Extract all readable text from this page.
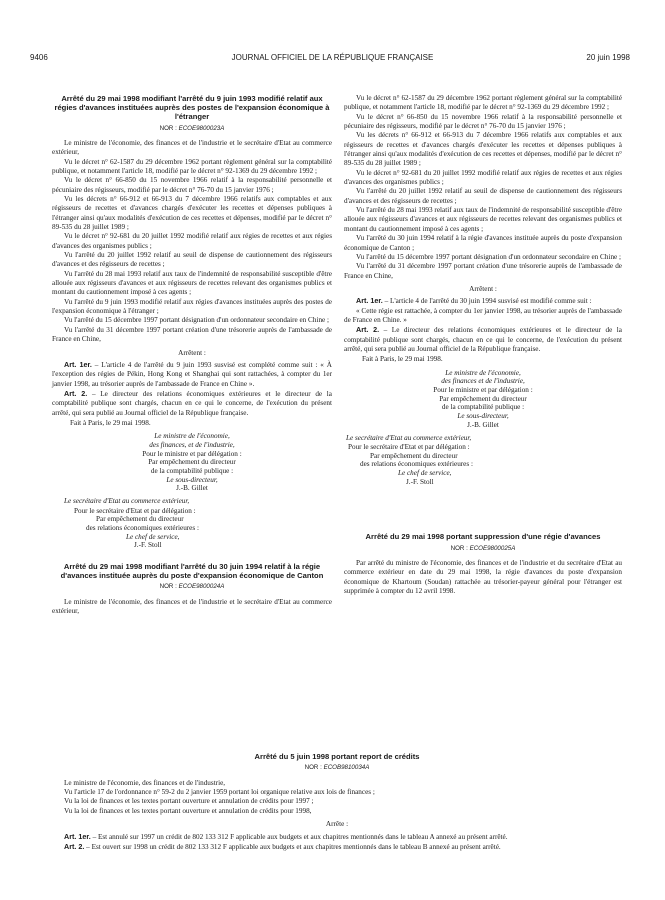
9406	JOURNAL OFFICIEL DE LA RÉPUBLIQUE FRANÇAISE	20 juin 1998
Arrêté du 29 mai 1998 modifiant l'arrêté du 9 juin 1993 modifié relatif aux régies d'avances instituées auprès des postes de l'expansion économique à l'étranger
NOR : ECOE9800023A

Le ministre de l'économie, des finances et de l'industrie et le secrétaire d'Etat au commerce extérieur,

Vu le décret n° 62-1587 du 29 décembre 1962 portant règlement général sur la comptabilité publique, et notamment l'article 18, modifié par le décret n° 92-1369 du 29 décembre 1992 ;

Vu le décret n° 66-850 du 15 novembre 1966 relatif à la responsabilité personnelle et pécuniaire des régisseurs, modifié par le décret n° 76-70 du 15 janvier 1976 ;

Vu les décrets n° 66-912 et 66-913 du 7 décembre 1966 relatifs aux comptables et aux régisseurs de recettes et d'avances chargés d'exécuter les recettes et dépenses publiques à l'étranger ainsi qu'aux modalités d'exécution de ces recettes et dépenses, modifié par le décret n° 89-535 du 28 juillet 1989 ;

Vu le décret n° 92-681 du 20 juillet 1992 modifié relatif aux régies de recettes et aux régies d'avances des organismes publics ;

Vu l'arrêté du 20 juillet 1992 relatif au seuil de dispense de cautionnement des régisseurs d'avances et des régisseurs de recettes ;

Vu l'arrêté du 28 mai 1993 relatif aux taux de l'indemnité de responsabilité susceptible d'être allouée aux régisseurs d'avances et aux régisseurs de recettes relevant des organismes publics et montant du cautionnement imposé à ces agents ;

Vu l'arrêté du 9 juin 1993 modifié relatif aux régies d'avances instituées auprès des postes de l'expansion économique à l'étranger ;

Vu l'arrêté du 15 décembre 1997 portant désignation d'un ordonnateur secondaire en Chine ;

Vu l'arrêté du 31 décembre 1997 portant création d'une trésorerie auprès de l'ambassade de France en Chine,

Arrêtent :

Art. 1er. – L'article 4 de l'arrêté du 9 juin 1993 susvisé est complété comme suit : « À l'exception des régies de Pékin, Hong Kong et Shanghai qui sont rattachées, à compter du 1er janvier 1998, au trésorier auprès de l'ambassade de France en Chine ».

Art. 2. – Le directeur des relations économiques extérieures et le directeur de la comptabilité publique sont chargés, chacun en ce qui le concerne, de l'exécution du présent arrêté, qui sera publié au Journal officiel de la République française.

Fait à Paris, le 29 mai 1998.

Le ministre de l'économie,
des finances, et de l'industrie,
Pour le ministre et par délégation :
Par empêchement du directeur
de la comptabilité publique :
Le sous-directeur,
J.-B. Gillet

Le secrétaire d'Etat au commerce extérieur,

Pour le secrétaire d'Etat et par délégation :
Par empêchement du directeur
des relations économiques extérieures :
Le chef de service,
J.-F. Stoll
Arrêté du 29 mai 1998 modifiant l'arrêté du 30 juin 1994 relatif à la régie d'avances instituée auprès du poste d'expansion économique de Canton
NOR : ECOE9800024A

Le ministre de l'économie, des finances et de l'industrie et le secrétaire d'Etat au commerce extérieur,

Vu le décret n° 62-1587 du 29 décembre 1962 portant règlement général sur la comptabilité publique, et notamment l'article 18, modifié par le décret n° 92-1369 du 29 décembre 1992 ;

Vu le décret n° 66-850 du 15 novembre 1966 relatif à la responsabilité personnelle et pécuniaire des régisseurs, modifié par le décret n° 76-70 du 15 janvier 1976 ;

Vu les décrets n° 66-912 et 66-913 du 7 décembre 1966 relatifs aux comptables et aux régisseurs de recettes et d'avances chargés d'exécuter les recettes et dépenses publiques à l'étranger ainsi qu'aux modalités d'exécution de ces recettes et dépenses, modifié par le décret n° 89-535 du 28 juillet 1989 ;

Vu le décret n° 92-681 du 20 juillet 1992 modifié relatif aux régies de recettes et aux régies d'avances des organismes publics ;

Vu l'arrêté du 20 juillet 1992 relatif au seuil de dispense de cautionnement des régisseurs d'avances et des régisseurs de recettes ;

Vu l'arrêté du 28 mai 1993 relatif aux taux de l'indemnité de responsabilité susceptible d'être allouée aux régisseurs d'avances et aux régisseurs de recettes relevant des organismes publics et montant du cautionnement imposé à ces agents ;

Vu l'arrêté du 30 juin 1994 relatif à la régie d'avances instituée auprès du poste d'expansion économique de Canton ;

Vu l'arrêté du 15 décembre 1997 portant désignation d'un ordonnateur secondaire en Chine ;

Vu l'arrêté du 31 décembre 1997 portant création d'une trésorerie auprès de l'ambassade de France en Chine,

Arrêtent :

Art. 1er. – L'article 4 de l'arrêté du 30 juin 1994 susvisé est modifié comme suit :

« Cette régie est rattachée, à compter du 1er janvier 1998, au trésorier auprès de l'ambassade de France en Chine. »

Art. 2. – Le directeur des relations économiques extérieures et le directeur de la comptabilité publique sont chargés, chacun en ce qui le concerne, de l'exécution du présent arrêté, qui sera publié au Journal officiel de la République française.

Fait à Paris, le 29 mai 1998.

Le ministre de l'économie,
des finances et de l'industrie,
Pour le ministre et par délégation :
Par empêchement du directeur
de la comptabilité publique :
Le sous-directeur,
J.-B. Gillet

Le secrétaire d'Etat au commerce extérieur,

Pour le secrétaire d'Etat et par délégation :
Par empêchement du directeur
des relations économiques extérieures :
Le chef de service,
J.-F. Stoll
Arrêté du 29 mai 1998 portant suppression d'une régie d'avances
NOR : ECOE9800025A

Par arrêté du ministre de l'économie, des finances et de l'industrie et du secrétaire d'Etat au commerce extérieur en date du 29 mai 1998, la régie d'avances du poste d'expansion économique de Khartoum (Soudan) rattachée au trésorier-payeur général pour l'étranger est supprimée à compter du 12 avril 1998.

Arrêté du 5 juin 1998 portant report de crédits
NOR : ECOB9810034A

Le ministre de l'économie, des finances et de l'industrie,

Vu l'article 17 de l'ordonnance n° 59-2 du 2 janvier 1959 portant loi organique relative aux lois de finances ;

Vu la loi de finances et les textes portant ouverture et annulation de crédits pour 1997 ;

Vu la loi de finances et les textes portant ouverture et annulation de crédits pour 1998,

Arrête :

Art. 1er. – Est annulé sur 1997 un crédit de 802 133 312 F applicable aux budgets et aux chapitres mentionnés dans le tableau A annexé au présent arrêté.

Art. 2. – Est ouvert sur 1998 un crédit de 802 133 312 F applicable aux budgets et aux chapitres mentionnés dans le tableau B annexé au présent arrêté.
